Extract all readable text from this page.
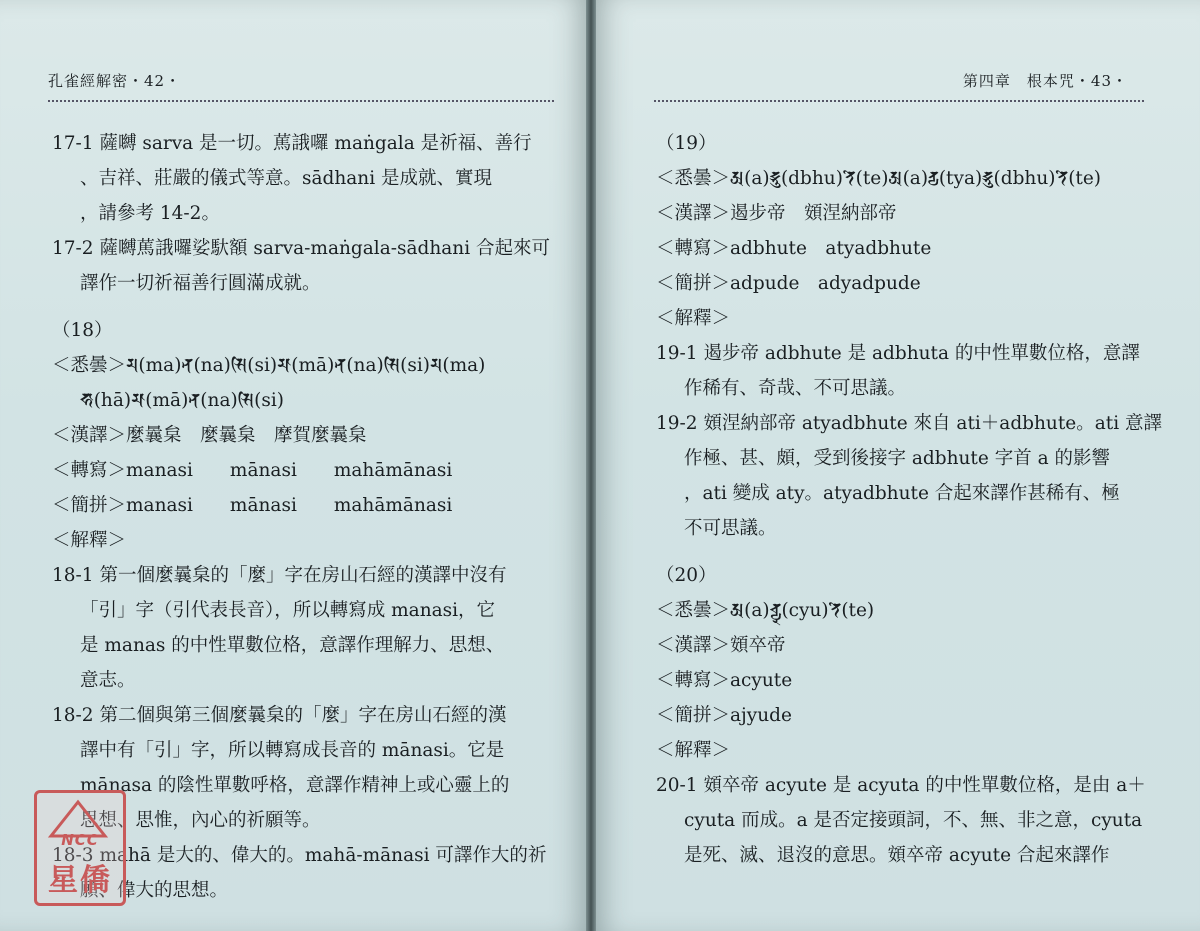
孔雀經解密・42・
17-1 薩嚩 sarva 是一切。䔍誐囉 maṅgala 是祈福、善行
、吉祥、莊嚴的儀式等意。sādhani 是成就、實現
，請參考 14-2。
17-2 薩嚩䔍誐囉娑馱額 sarva-maṅgala-sādhani 合起來可
譯作一切祈福善行圓滿成就。
（18）
＜悉曇＞𑖦(ma)𑖡(na)𑖭𑖰(si)𑖦𑖯(mā)𑖡(na)𑖭𑖰(si)𑖦(ma)
𑖮𑖯(hā)𑖦𑖯(mā)𑖡(na)𑖭𑖰(si)
＜漢譯＞麼曩枲　麼曩枲　摩賀麼曩枲
＜轉寫＞manasi　　mānasi　　mahāmānasi
＜簡拼＞manasi　　mānasi　　mahāmānasi
＜解釋＞
18-1 第一個麼曩枲的「麼」字在房山石經的漢譯中沒有
「引」字（引代表長音），所以轉寫成 manasi，它
是 manas 的中性單數位格，意譯作理解力、思想、
意志。
18-2 第二個與第三個麼曩枲的「麼」字在房山石經的漢
譯中有「引」字，所以轉寫成長音的 mānasi。它是
mānasa 的陰性單數呼格，意譯作精神上或心靈上的
思想、思惟，內心的祈願等。
18-3 mahā 是大的、偉大的。mahā-mānasi 可譯作大的祈
願、偉大的思想。
NCC
星僑
第四章　根本咒・43・
（19）
＜悉曇＞𑖀(a)𑖟𑖿𑖥𑖲(dbhu)𑖝𑖸(te)𑖀(a)𑖝𑖿𑖧(tya)𑖟𑖿𑖥𑖲(dbhu)𑖝𑖸(te)
＜漢譯＞遏步帝　頞涅納部帝
＜轉寫＞adbhute　atyadbhute
＜簡拼＞adpude　adyadpude
＜解釋＞
19-1 遏步帝 adbhute 是 adbhuta 的中性單數位格，意譯
作稀有、奇哉、不可思議。
19-2 頞涅納部帝 atyadbhute 來自 ati＋adbhute。ati 意譯
作極、甚、頗，受到後接字 adbhute 字首 a 的影響
，ati 變成 aty。atyadbhute 合起來譯作甚稀有、極
不可思議。
（20）
＜悉曇＞𑖀(a)𑖓𑖿𑖧𑖲(cyu)𑖝𑖸(te)
＜漢譯＞頞卒帝
＜轉寫＞acyute
＜簡拼＞ajyude
＜解釋＞
20-1 頞卒帝 acyute 是 acyuta 的中性單數位格，是由 a＋
cyuta 而成。a 是否定接頭詞，不、無、非之意，cyuta
是死、滅、退沒的意思。頞卒帝 acyute 合起來譯作
